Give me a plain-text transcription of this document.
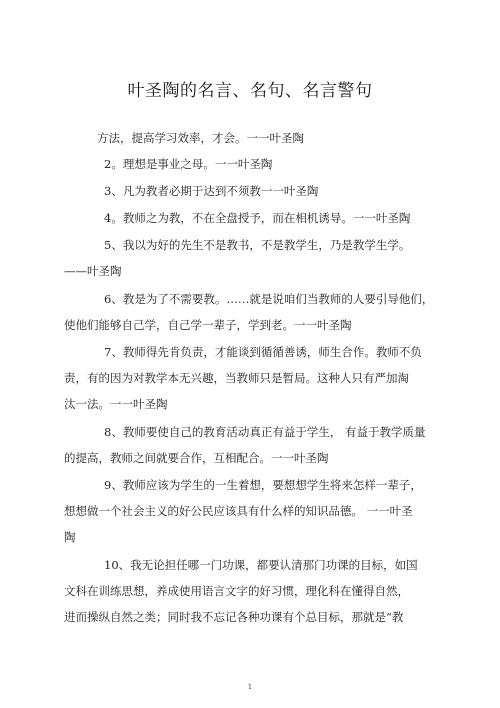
叶圣陶的名言、名句、名言警句
方法，提高学习效率，才会。一一叶圣陶
2。理想是事业之母。一一叶圣陶
3、凡为教者必期于达到不须教一一叶圣陶
4。教师之为教，不在全盘授予，而在相机诱导。一一叶圣陶
5、我以为好的先生不是教书，不是教学生，乃是教学生学。
——叶圣陶
6、教是为了不需要教。……就是说咱们当教师的人要引导他们，
使他们能够自己学，自己学一辈子，学到老。一一叶圣陶
7、教师得先肯负责，才能谈到循循善诱，师生合作。教师不负
责，有的因为对教学本无兴趣，当教师只是暂局。这种人只有严加淘
汰一法。一一叶圣陶
8、教师要使自己的教育活动真正有益于学生， 有益于教学质量
的提高，教师之间就要合作，互相配合。一一叶圣陶
9、教师应该为学生的一生着想，要想想学生将来怎样一辈子，
想想做一个社会主义的好公民应该具有什么样的知识品德。 一一叶圣
陶
10、我无论担任哪一门功课，都要认清那门功课的目标，如国
文科在训练思想，养成使用语言文字的好习惯，理化科在懂得自然，
进而操纵自然之类；同时我不忘记各种功课有个总目标，那就是“教
1
